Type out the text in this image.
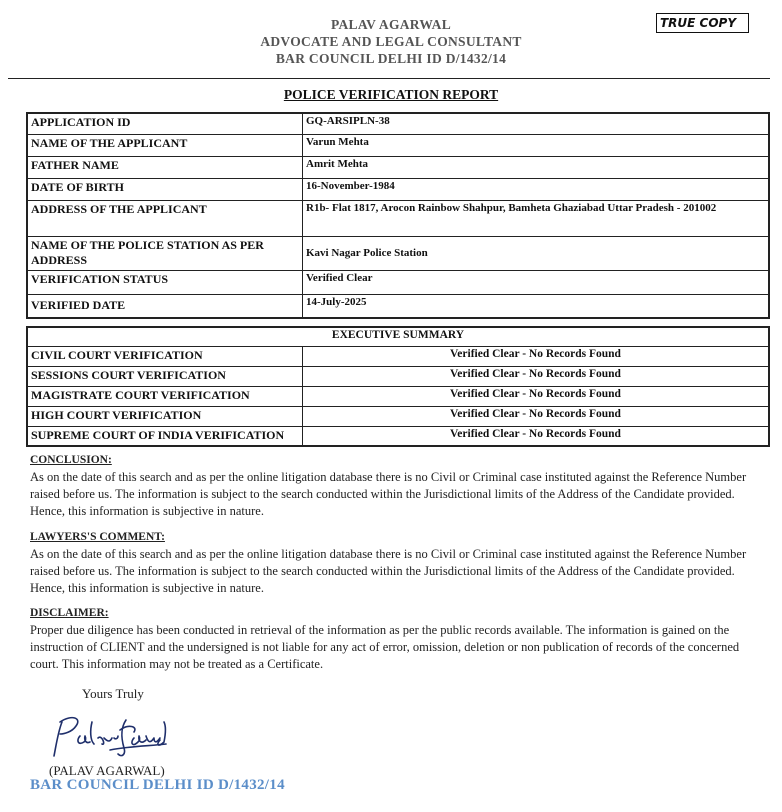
PALAV AGARWAL
ADVOCATE AND LEGAL CONSULTANT
BAR COUNCIL DELHI ID D/1432/14
TRUE COPY
POLICE VERIFICATION REPORT
APPLICATION ID	GQ-ARSIPLN-38
NAME OF THE APPLICANT	Varun Mehta
FATHER NAME	Amrit Mehta
DATE OF BIRTH	16-November-1984
ADDRESS OF THE APPLICANT	R1b- Flat 1817, Arocon Rainbow Shahpur, Bamheta Ghaziabad Uttar Pradesh - 201002
NAME OF THE POLICE STATION AS PER ADDRESS	Kavi Nagar Police Station
VERIFICATION STATUS	Verified Clear
VERIFIED DATE	14-July-2025
EXECUTIVE SUMMARY	
CIVIL COURT VERIFICATION	Verified Clear - No Records Found
SESSIONS COURT VERIFICATION	Verified Clear - No Records Found
MAGISTRATE COURT VERIFICATION	Verified Clear - No Records Found
HIGH COURT VERIFICATION	Verified Clear - No Records Found
SUPREME COURT OF INDIA VERIFICATION	Verified Clear - No Records Found
CONCLUSION:
As on the date of this search and as per the online litigation database there is no Civil or Criminal case instituted against the Reference Number raised before us. The information is subject to the search conducted within the Jurisdictional limits of the Address of the Candidate provided. Hence, this information is subjective in nature.
LAWYERS'S COMMENT:
As on the date of this search and as per the online litigation database there is no Civil or Criminal case instituted against the Reference Number raised before us. The information is subject to the search conducted within the Jurisdictional limits of the Address of the Candidate provided. Hence, this information is subjective in nature.
DISCLAIMER:
Proper due diligence has been conducted in retrieval of the information as per the public records available. The information is gained on the instruction of CLIENT and the undersigned is not liable for any act of error, omission, deletion or non publication of records of the concerned court. This information may not be treated as a Certificate.
Yours Truly
(PALAV AGARWAL)
BAR COUNCIL DELHI ID D/1432/14
